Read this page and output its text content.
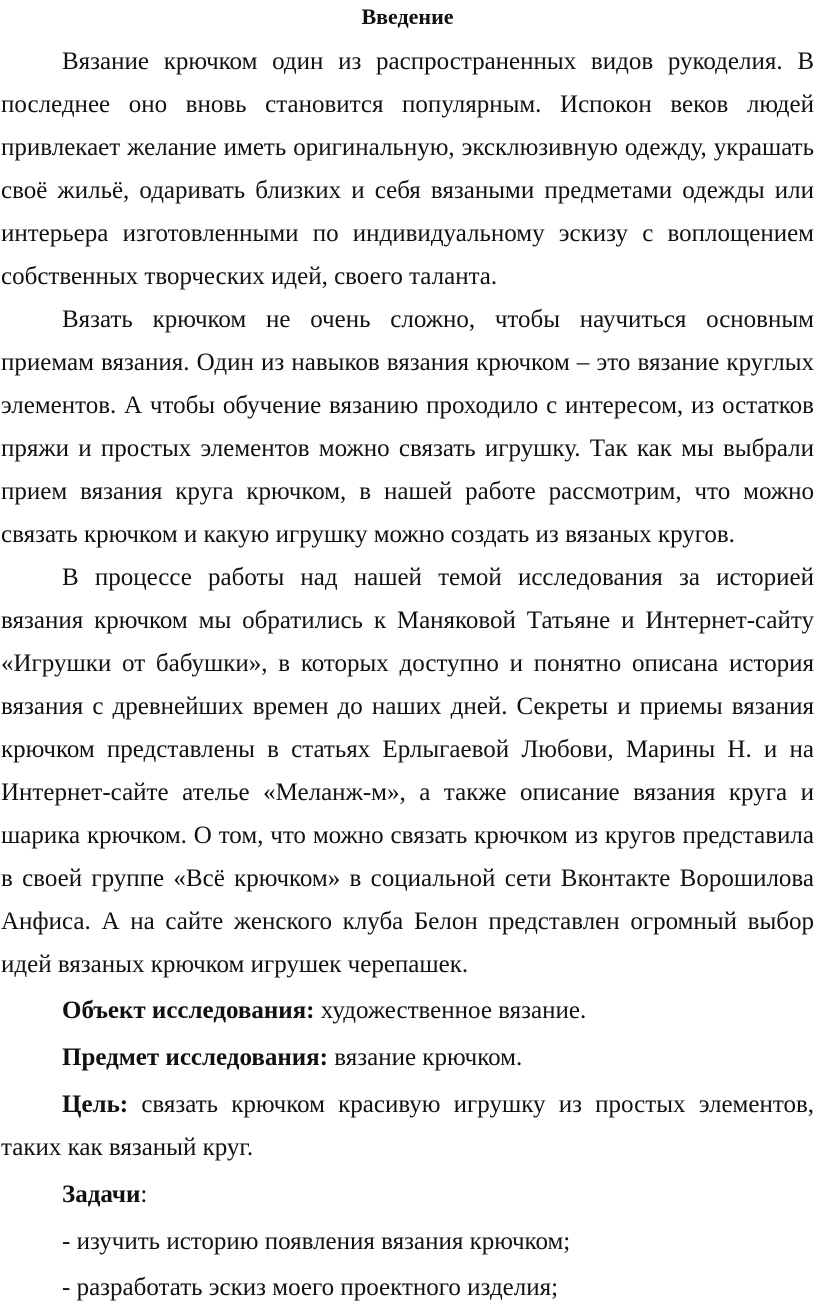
Введение

Вязание крючком один из распространенных видов рукоделия. В последнее оно вновь становится популярным. Испокон веков людей привлекает желание иметь оригинальную, эксклюзивную одежду, украшать своё жильё, одаривать близких и себя вязаными предметами одежды или интерьера изготовленными по индивидуальному эскизу с воплощением собственных творческих идей, своего таланта.

Вязать крючком не очень сложно, чтобы научиться основным приемам вязания. Один из навыков вязания крючком – это вязание круглых элементов. А чтобы обучение вязанию проходило с интересом, из остатков пряжи и простых элементов можно связать игрушку. Так как мы выбрали прием вязания круга крючком, в нашей работе рассмотрим, что можно связать крючком и какую игрушку можно создать из вязаных кругов.

В процессе работы над нашей темой исследования за историей вязания крючком мы обратились к Маняковой Татьяне и Интернет-сайту «Игрушки от бабушки», в которых доступно и понятно описана история вязания с древнейших времен до наших дней. Секреты и приемы вязания крючком представлены в статьях Ерлыгаевой Любови, Марины Н. и на Интернет-сайте ателье «Меланж-м», а также описание вязания круга и шарика крючком. О том, что можно связать крючком из кругов представила в своей группе «Всё крючком» в социальной сети Вконтакте Ворошилова Анфиса. А на сайте женского клуба Белон представлен огромный выбор идей вязаных крючком игрушек черепашек.

Объект исследования: художественное вязание.

Предмет исследования: вязание крючком.

Цель: связать крючком красивую игрушку из простых элементов, таких как вязаный круг.

Задачи:

- изучить историю появления вязания крючком;
- разработать эскиз моего проектного изделия;
